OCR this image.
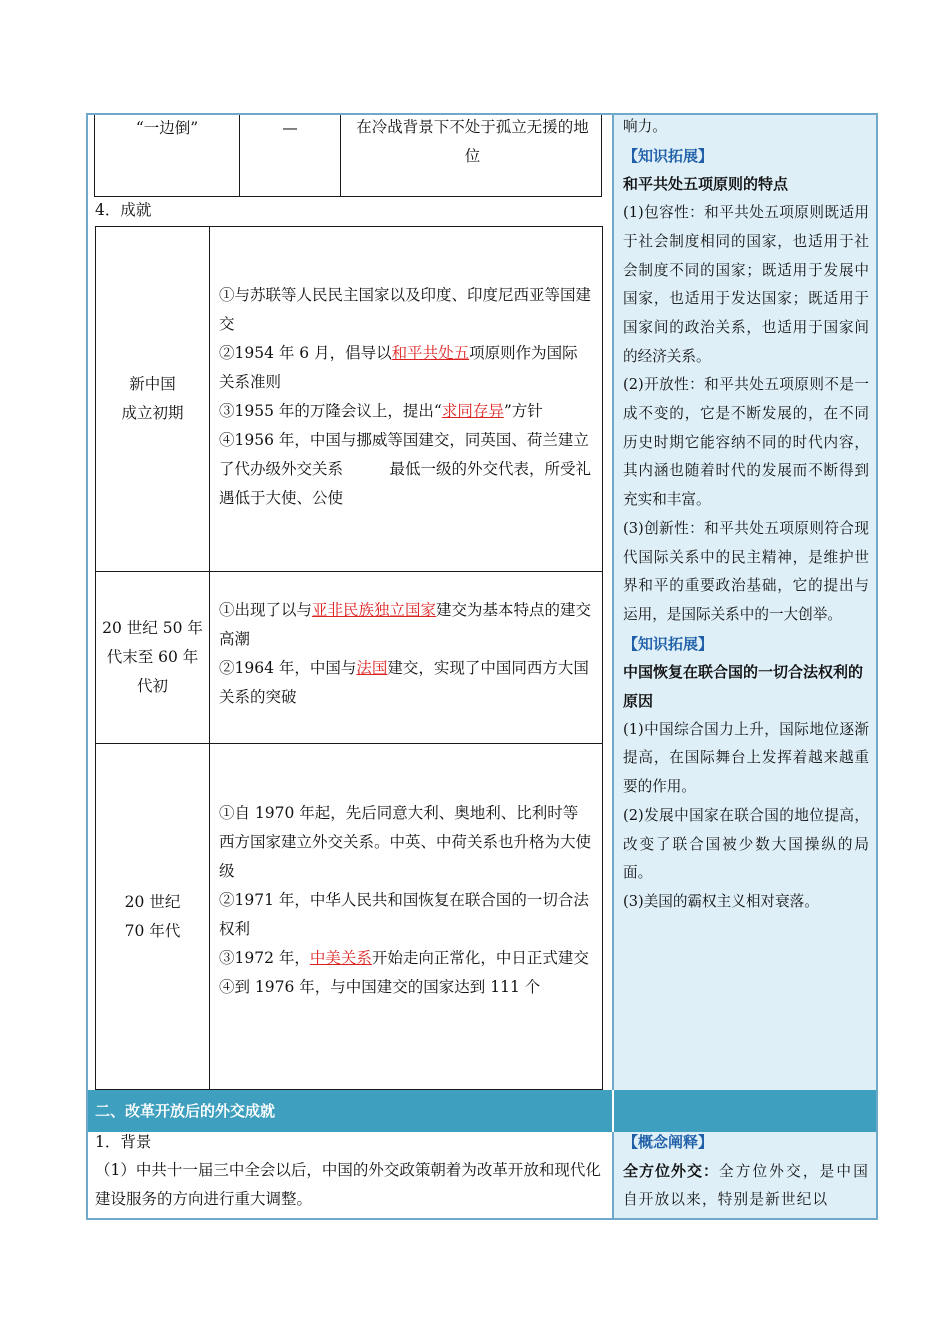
“一边倒”	—	在冷战背景下不处于孤立无援的地位
4．成就
新中国
成立初期
①与苏联等人民民主国家以及印度、印度尼西亚等国建交
②1954 年 6 月，倡导以和平共处五项原则作为国际关系准则
③1955 年的万隆会议上，提出“求同存异”方针
④1956 年，中国与挪威等国建交，同英国、荷兰建立了代办级外交关系　　　最低一级的外交代表，所受礼遇低于大使、公使
20 世纪 50 年
代末至 60 年
代初
①出现了以与亚非民族独立国家建交为基本特点的建交高潮
②1964 年，中国与法国建交，实现了中国同西方大国关系的突破
20 世纪
70 年代
①自 1970 年起，先后同意大利、奥地利、比利时等西方国家建立外交关系。中英、中荷关系也升格为大使级
②1971 年，中华人民共和国恢复在联合国的一切合法权利
③1972 年，中美关系开始走向正常化，中日正式建交
④到 1976 年，与中国建交的国家达到 111 个
响力。
【知识拓展】
和平共处五项原则的特点
(1)包容性：和平共处五项原则既适用于社会制度相同的国家，也适用于社会制度不同的国家；既适用于发展中国家，也适用于发达国家；既适用于国家间的政治关系，也适用于国家间的经济关系。
(2)开放性：和平共处五项原则不是一成不变的，它是不断发展的，在不同历史时期它能容纳不同的时代内容，其内涵也随着时代的发展而不断得到充实和丰富。
(3)创新性：和平共处五项原则符合现代国际关系中的民主精神，是维护世界和平的重要政治基础，它的提出与运用，是国际关系中的一大创举。
【知识拓展】
中国恢复在联合国的一切合法权利的原因
(1)中国综合国力上升，国际地位逐渐提高，在国际舞台上发挥着越来越重要的作用。
(2)发展中国家在联合国的地位提高，改变了联合国被少数大国操纵的局面。
(3)美国的霸权主义相对衰落。
二、改革开放后的外交成就
1．背景
（1）中共十一届三中全会以后，中国的外交政策朝着为改革开放和现代化建设服务的方向进行重大调整。
【概念阐释】
全方位外交：全方位外交，是中国自开放以来，特别是新世纪以
